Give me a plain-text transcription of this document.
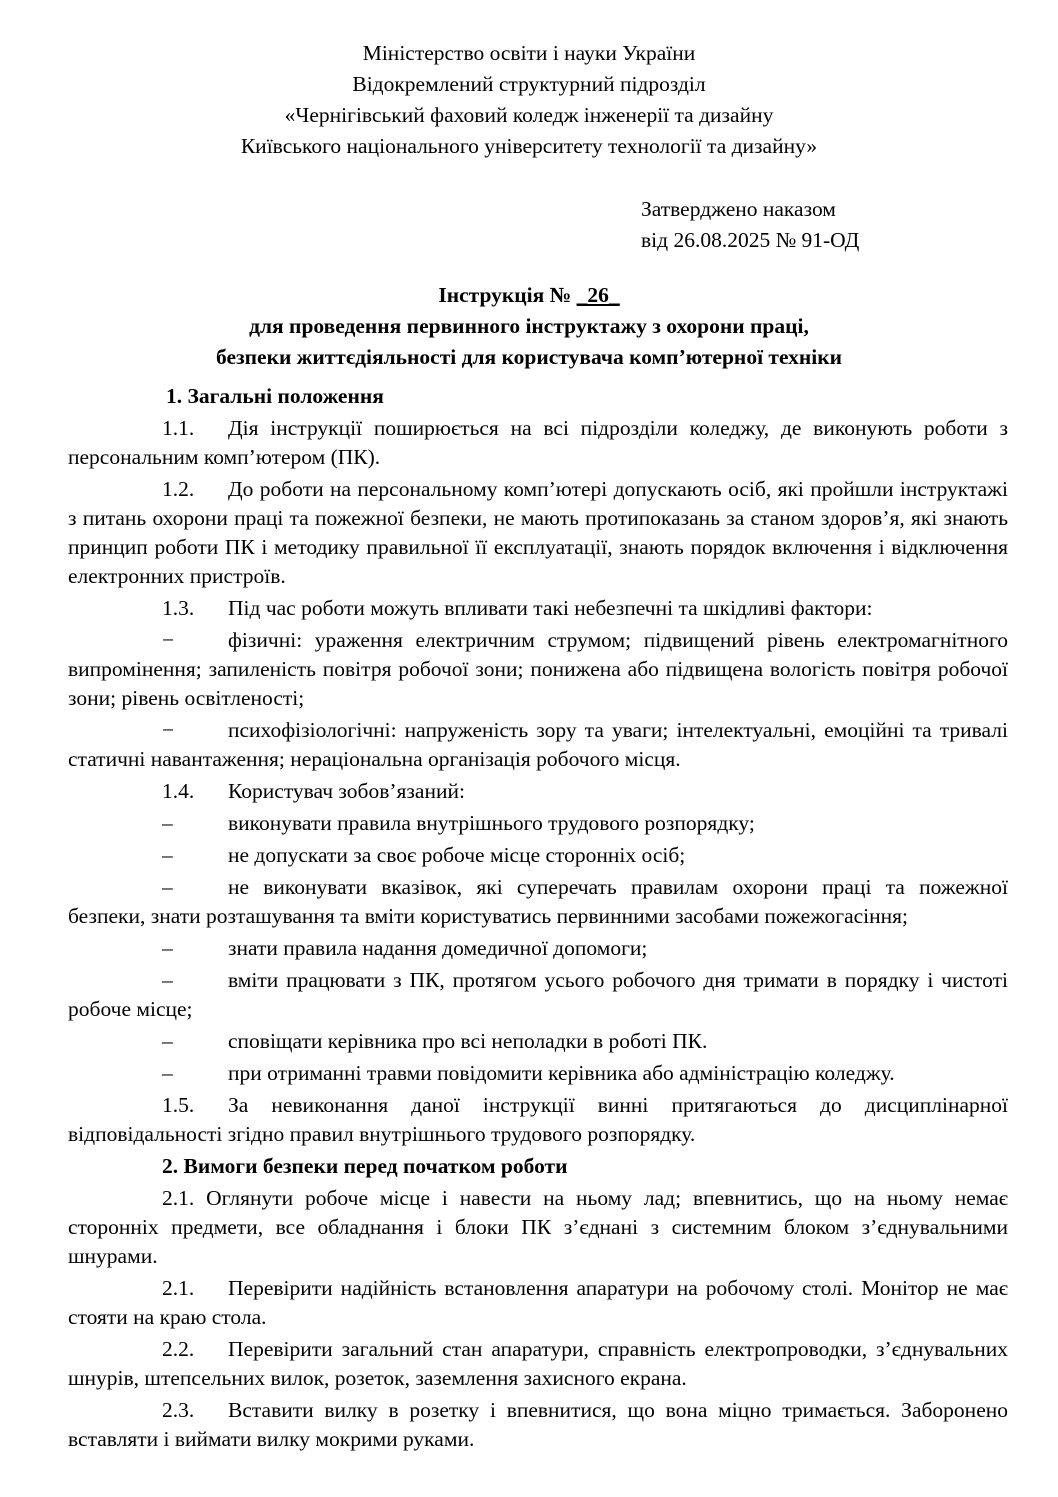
Міністерство освіти і науки України
Відокремлений структурний підрозділ
«Чернігівський фаховий коледж інженерії та дизайну
Київського національного університету технології та дизайну»
Затверджено наказом
від 26.08.2025 № 91-ОД
Інструкція № _26_
для проведення первинного інструктажу з охорони праці,
безпеки життєдіяльності для користувача комп’ютерної техніки
1. Загальні положення

1.1. Дія інструкції поширюється на всі підрозділи коледжу, де виконують роботи з персональним комп’ютером (ПК).

1.2. До роботи на персональному комп’ютері допускають осіб, які пройшли інструктажі з питань охорони праці та пожежної безпеки, не мають протипоказань за станом здоров’я, які знають принцип роботи ПК і методику правильної її експлуатації, знають порядок включення і відключення електронних пристроїв.

1.3. Під час роботи можуть впливати такі небезпечні та шкідливі фактори:

−	фізичні: ураження електричним струмом; підвищений рівень електромагнітного випромінення; запиленість повітря робочої зони; понижена або підвищена вологість повітря робочої зони; рівень освітленості;

−	психофізіологічні: напруженість зору та уваги; інтелектуальні, емоційні та тривалі статичні навантаження; нераціональна організація робочого місця.

1.4. Користувач зобов’язаний:

–	виконувати правила внутрішнього трудового розпорядку;

–	не допускати за своє робоче місце сторонніх осіб;

–	не виконувати вказівок, які суперечать правилам охорони праці та пожежної безпеки, знати розташування та вміти користуватись первинними засобами пожежогасіння;

–	знати правила надання домедичної допомоги;

–	вміти працювати з ПК, протягом усього робочого дня тримати в порядку і чистоті робоче місце;

–	сповіщати керівника про всі неполадки в роботі ПК.

–	при отриманні травми повідомити керівника або адміністрацію коледжу.

1.5. За невиконання даної інструкції винні притягаються до дисциплінарної відповідальності згідно правил внутрішнього трудового розпорядку.

2. Вимоги безпеки перед початком роботи

2.1. Оглянути робоче місце і навести на ньому лад; впевнитись, що на ньому немає сторонніх предмети, все обладнання і блоки ПК з’єднані з системним блоком з’єднувальними шнурами.

2.1. Перевірити надійність встановлення апаратури на робочому столі. Монітор не має стояти на краю стола.

2.2. Перевірити загальний стан апаратури, справність електропроводки, з’єднувальних шнурів, штепсельних вилок, розеток, заземлення захисного екрана.

2.3. Вставити вилку в розетку і впевнитися, що вона міцно тримається. Заборонено вставляти і виймати вилку мокрими руками.
